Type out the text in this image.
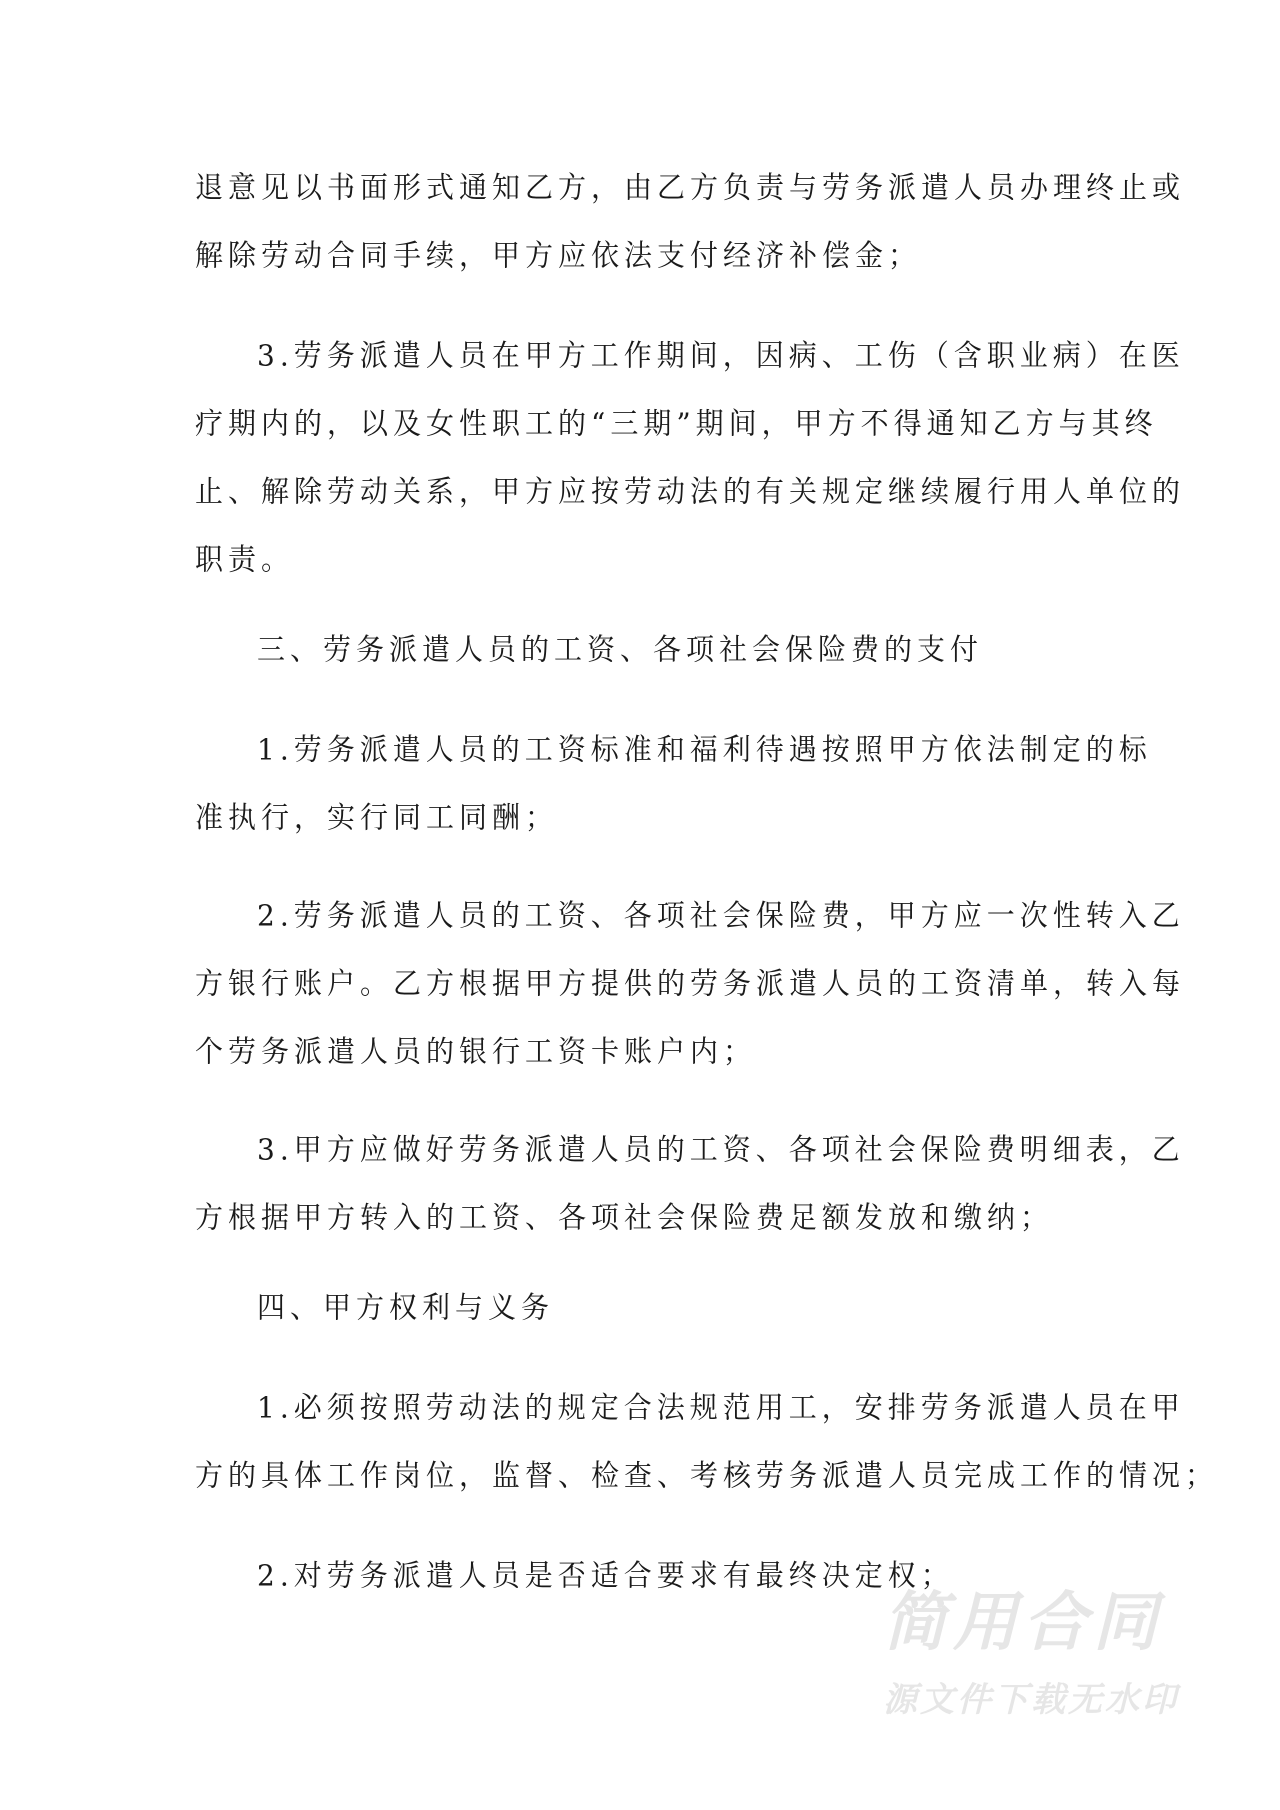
退意见以书面形式通知乙方，由乙方负责与劳务派遣人员办理终止或
解除劳动合同手续，甲方应依法支付经济补偿金；
3.劳务派遣人员在甲方工作期间，因病、工伤（含职业病）在医
疗期内的，以及女性职工的“三期”期间，甲方不得通知乙方与其终
止、解除劳动关系，甲方应按劳动法的有关规定继续履行用人单位的
职责。
三、劳务派遣人员的工资、各项社会保险费的支付
1.劳务派遣人员的工资标准和福利待遇按照甲方依法制定的标
准执行，实行同工同酬；
2.劳务派遣人员的工资、各项社会保险费，甲方应一次性转入乙
方银行账户。乙方根据甲方提供的劳务派遣人员的工资清单，转入每
个劳务派遣人员的银行工资卡账户内；
3.甲方应做好劳务派遣人员的工资、各项社会保险费明细表，乙
方根据甲方转入的工资、各项社会保险费足额发放和缴纳；
四、甲方权利与义务
1.必须按照劳动法的规定合法规范用工，安排劳务派遣人员在甲
方的具体工作岗位，监督、检查、考核劳务派遣人员完成工作的情况；
2.对劳务派遣人员是否适合要求有最终决定权；
简用合同
源文件下载无水印
